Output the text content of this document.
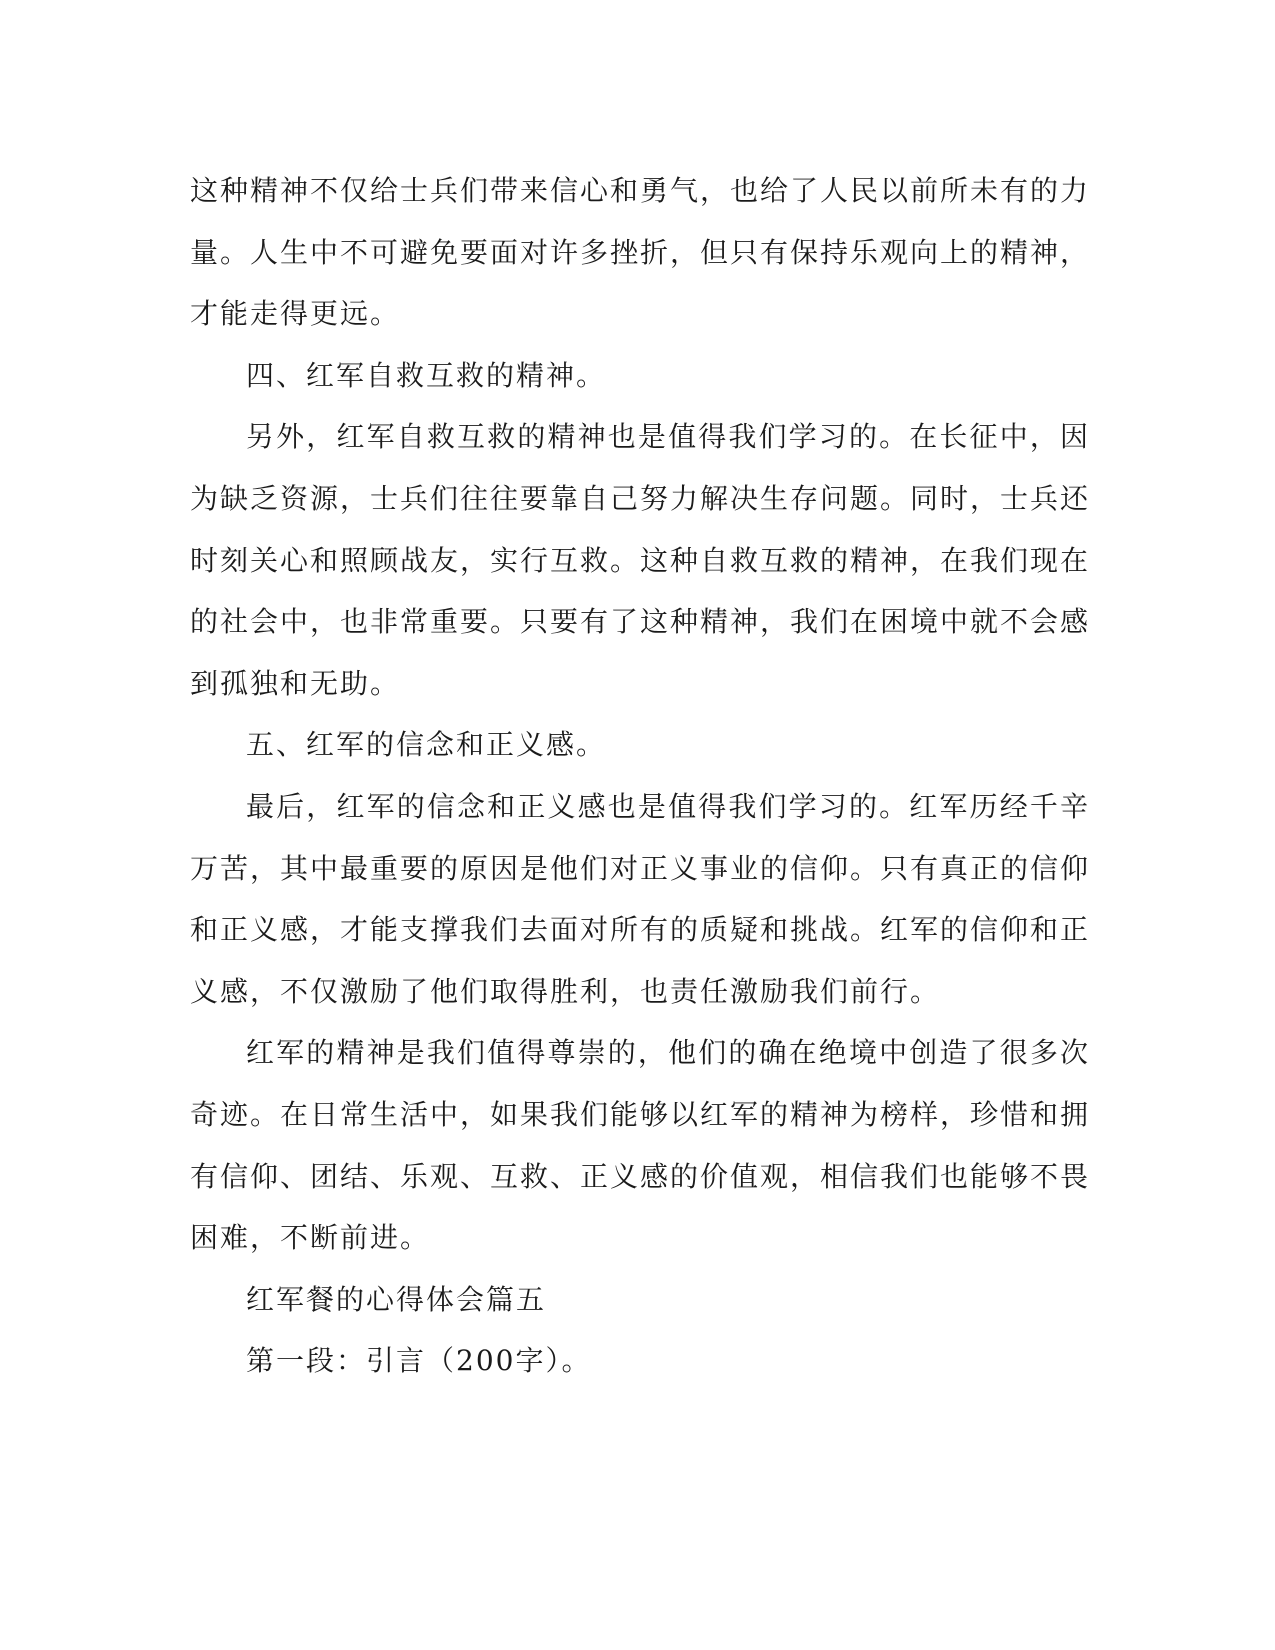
这种精神不仅给士兵们带来信心和勇气，也给了人民以前所未有的力量。人生中不可避免要面对许多挫折，但只有保持乐观向上的精神，才能走得更远。

四、红军自救互救的精神。

另外，红军自救互救的精神也是值得我们学习的。在长征中，因为缺乏资源，士兵们往往要靠自己努力解决生存问题。同时，士兵还时刻关心和照顾战友，实行互救。这种自救互救的精神，在我们现在的社会中，也非常重要。只要有了这种精神，我们在困境中就不会感到孤独和无助。

五、红军的信念和正义感。

最后，红军的信念和正义感也是值得我们学习的。红军历经千辛万苦，其中最重要的原因是他们对正义事业的信仰。只有真正的信仰和正义感，才能支撑我们去面对所有的质疑和挑战。红军的信仰和正义感，不仅激励了他们取得胜利，也责任激励我们前行。

红军的精神是我们值得尊崇的，他们的确在绝境中创造了很多次奇迹。在日常生活中，如果我们能够以红军的精神为榜样，珍惜和拥有信仰、团结、乐观、互救、正义感的价值观，相信我们也能够不畏困难，不断前进。

红军餐的心得体会篇五

第一段：引言（200字）。
